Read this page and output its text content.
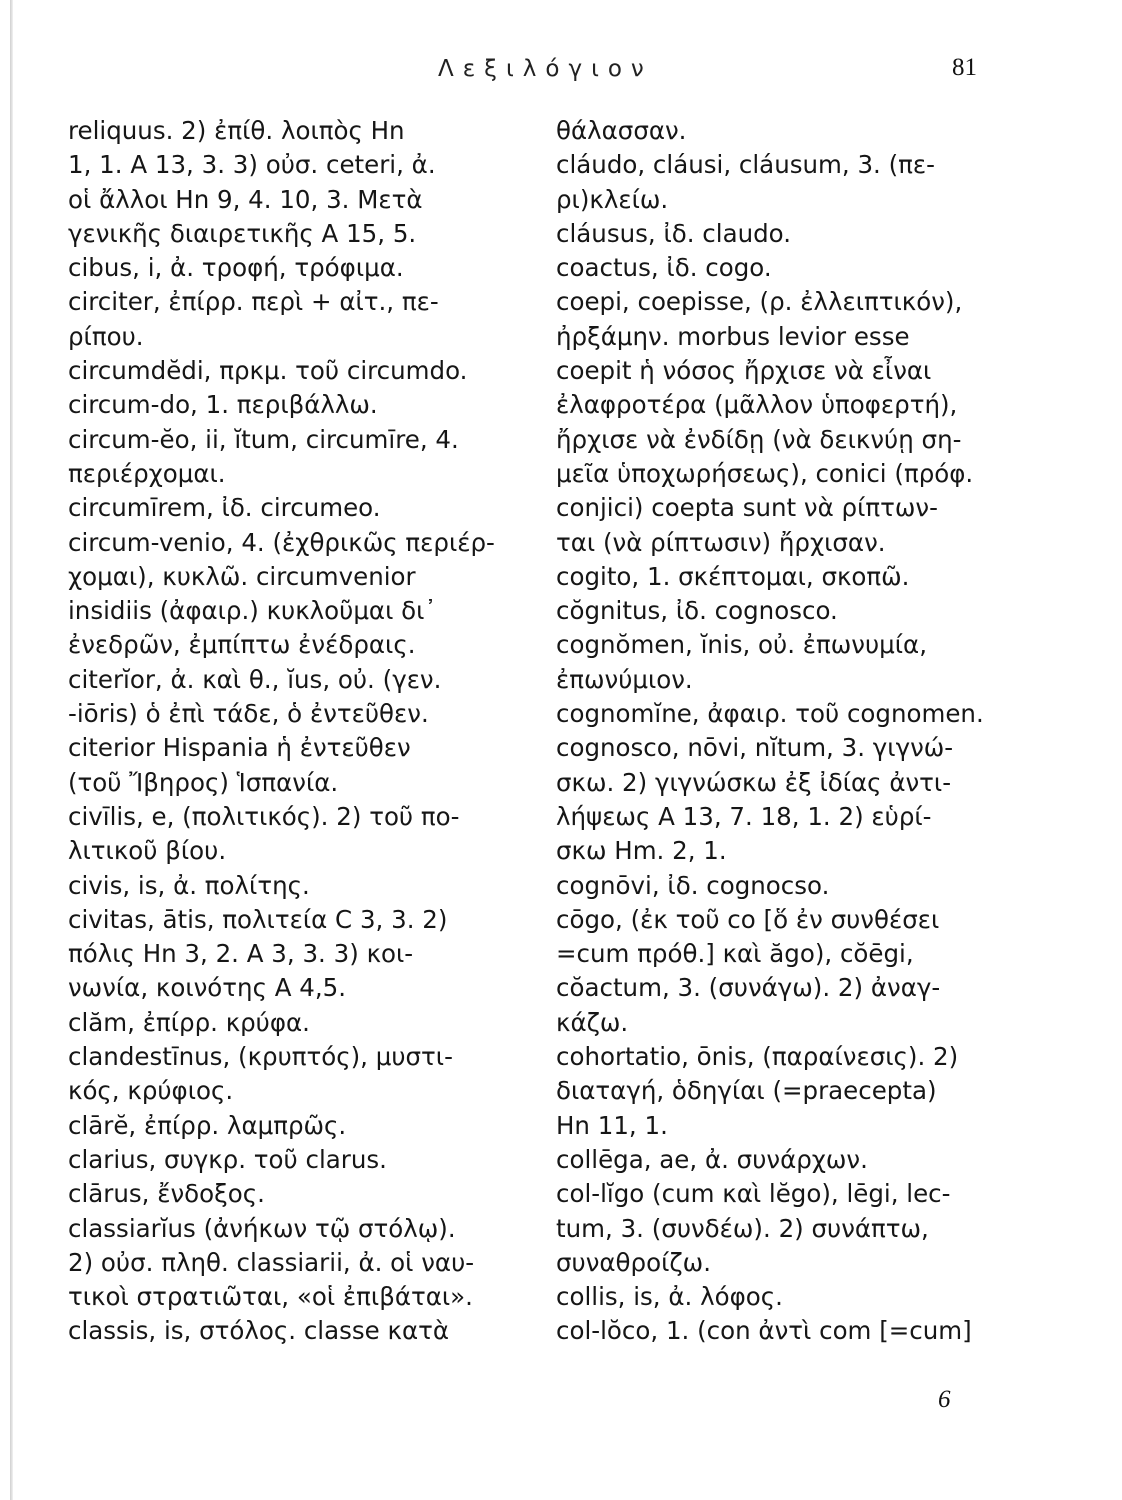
Λεξιλόγιον	81
reliquus. 2) ἐπίθ. λοιπὸς Hn
1, 1. A 13, 3. 3) οὐσ. ceteri, ἀ.
οἱ ἄλλοι Hn 9, 4. 10, 3. Μετὰ
γενικῆς διαιρετικῆς A 15, 5.
cibus, i, ἀ. τροφή, τρόφιμα.
circiter, ἐπίρρ. περὶ + αἰτ., πε-
ρίπου.
circumdĕdi, πρκμ. τοῦ circumdo.
circum-do, 1. περιβάλλω.
circum-ĕo, ii, ĭtum, circumīre, 4.
περιέρχομαι.
circumīrem, ἰδ. circumeo.
circum-venio, 4. (ἐχθρικῶς περιέρ-
χομαι), κυκλῶ. circumvenior
insidiis (ἀφαιρ.) κυκλοῦμαι δι᾽
ἐνεδρῶν, ἐμπίπτω ἐνέδραις.
citerĭor, ἀ. καὶ θ., ĭus, οὐ. (γεν.
-iōris) ὁ ἐπὶ τάδε, ὁ ἐντεῦθεν.
citerior Hispania ἡ ἐντεῦθεν
(τοῦ Ἴβηρος) Ἱσπανία.
civīlis, e, (πολιτικός). 2) τοῦ πο-
λιτικοῦ βίου.
civis, is, ἀ. πολίτης.
civitas, ātis, πολιτεία C 3, 3. 2)
πόλις Hn 3, 2. A 3, 3. 3) κοι-
νωνία, κοινότης A 4,5.
clăm, ἐπίρρ. κρύφα.
clandestīnus, (κρυπτός), μυστι-
κός, κρύφιος.
clārĕ, ἐπίρρ. λαμπρῶς.
clarius, συγκρ. τοῦ clarus.
clārus, ἔνδοξος.
classiarĭus (ἀνήκων τῷ στόλῳ).
2) οὐσ. πληθ. classiarii, ἀ. οἱ ναυ-
τικοὶ στρατιῶται, «οἱ ἐπιβάται».
classis, is, στόλος. classe κατὰ
θάλασσαν.
cláudo, cláusi, cláusum, 3. (πε-
ρι)κλείω.
cláusus, ἰδ. claudo.
coactus, ἰδ. cogo.
coepi, coepisse, (ρ. ἐλλειπτικόν),
ἠρξάμην. morbus levior esse
coepit ἡ νόσος ἤρχισε νὰ εἶναι
ἐλαφροτέρα (μᾶλλον ὑποφερτή),
ἤρχισε νὰ ἐνδίδῃ (νὰ δεικνύῃ ση-
μεῖα ὑποχωρήσεως), conici (πρόφ.
conjici) coepta sunt νὰ ρίπτων-
ται (νὰ ρίπτωσιν) ἤρχισαν.
cogito, 1. σκέπτομαι, σκοπῶ.
cŏgnitus, ἰδ. cognosco.
cognŏmen, ĭnis, οὐ. ἐπωνυμία,
ἐπωνύμιον.
cognomĭne, ἀφαιρ. τοῦ cognomen.
cognosco, nōvi, nĭtum, 3. γιγνώ-
σκω. 2) γιγνώσκω ἐξ ἰδίας ἀντι-
λήψεως A 13, 7. 18, 1. 2) εὑρί-
σκω Hm. 2, 1.
cognōvi, ἰδ. cognocso.
cōgo, (ἐκ τοῦ co [ὅ ἐν συνθέσει
=cum πρόθ.] καὶ ăgo), cŏēgi,
cŏactum, 3. (συνάγω). 2) ἀναγ-
κάζω.
cohortatio, ōnis, (παραίνεσις). 2)
διαταγή, ὁδηγίαι (=praecepta)
Hn 11, 1.
collēga, ae, ἀ. συνάρχων.
col-lĭgo (cum καὶ lĕgo), lēgi, lec-
tum, 3. (συνδέω). 2) συνάπτω,
συναθροίζω.
collis, is, ἀ. λόφος.
col-lŏco, 1. (con ἀντὶ com [=cum]
6
